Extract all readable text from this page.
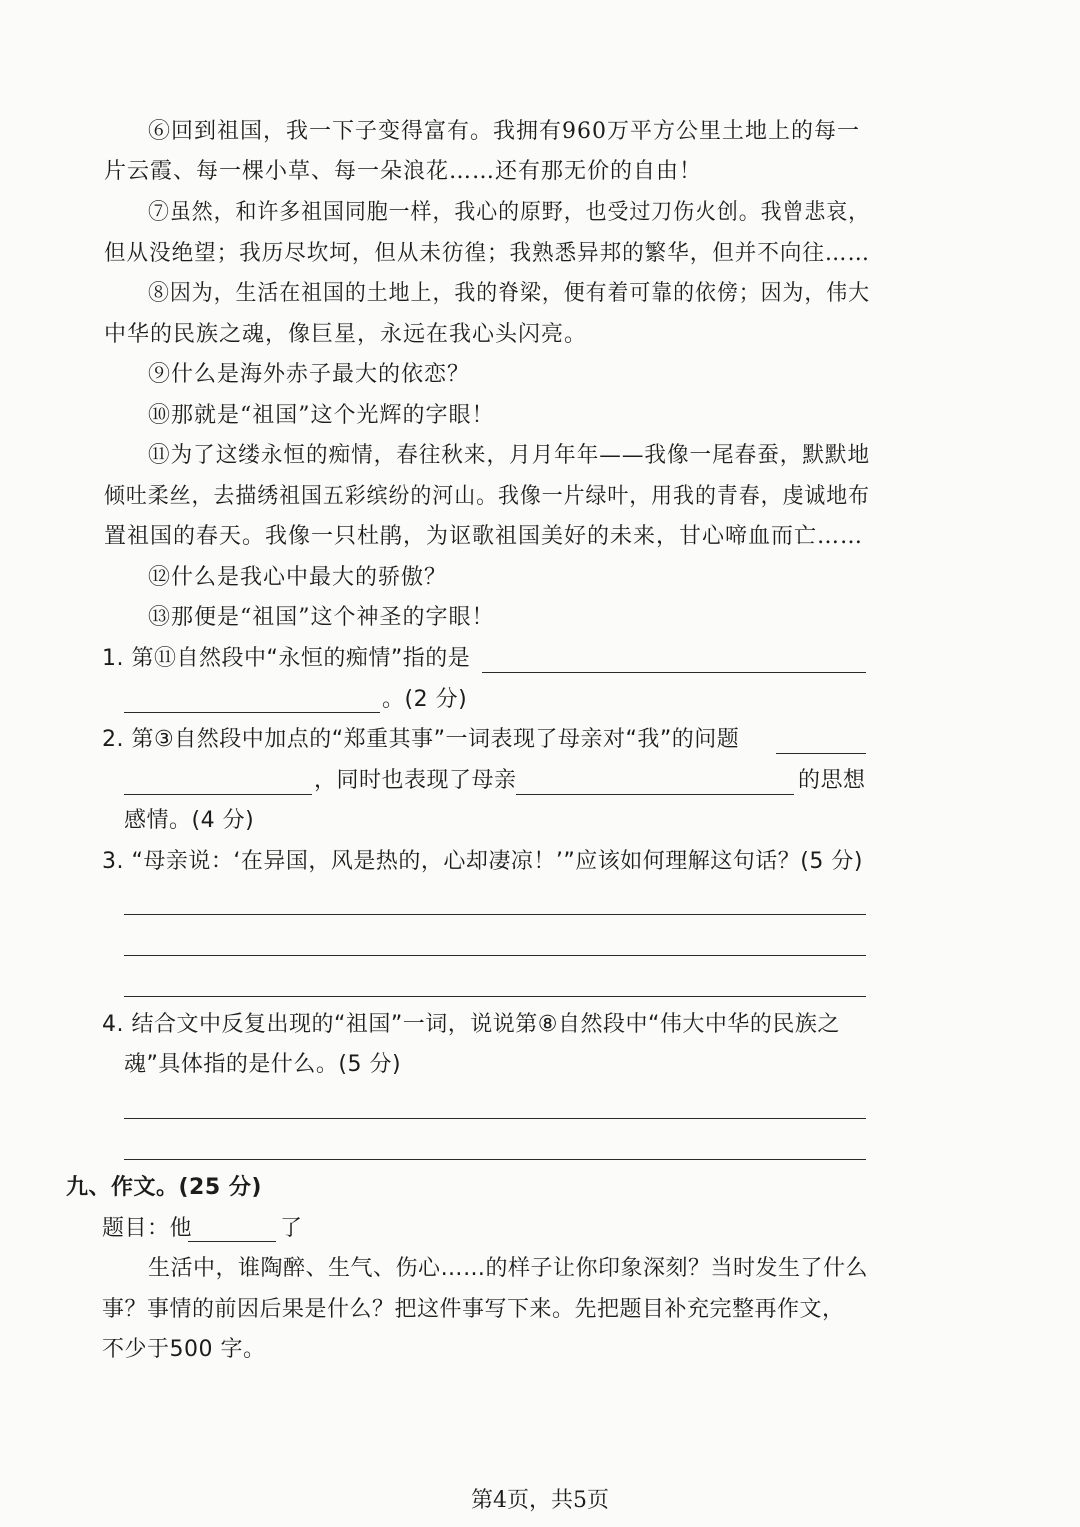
⑥回到祖国，我一下子变得富有。我拥有960万平方公里土地上的每一
片云霞、每一棵小草、每一朵浪花……还有那无价的自由！
⑦虽然，和许多祖国同胞一样，我心的原野，也受过刀伤火创。我曾悲哀，
但从没绝望；我历尽坎坷，但从未彷徨；我熟悉异邦的繁华，但并不向往……
⑧因为，生活在祖国的土地上，我的脊梁，便有着可靠的依傍；因为，伟大
中华的民族之魂，像巨星，永远在我心头闪亮。
⑨什么是海外赤子最大的依恋？
⑩那就是“祖国”这个光辉的字眼！
⑪为了这缕永恒的痴情，春往秋来，月月年年——我像一尾春蚕，默默地
倾吐柔丝，去描绣祖国五彩缤纷的河山。我像一片绿叶，用我的青春，虔诚地布
置祖国的春天。我像一只杜鹃，为讴歌祖国美好的未来，甘心啼血而亡……
⑫什么是我心中最大的骄傲？
⑬那便是“祖国”这个神圣的字眼！
1. 第⑪自然段中“永恒的痴情”指的是
。(2 分)
2. 第③自然段中加点的“郑重其事”一词表现了母亲对“我”的问题
，同时也表现了母亲	的思想
感情。(4 分)
3. “母亲说：‘在异国，风是热的，心却凄凉！’”应该如何理解这句话？(5 分)
4. 结合文中反复出现的“祖国”一词，说说第⑧自然段中“伟大中华的民族之
魂”具体指的是什么。(5 分)
九、作文。(25 分)
题目：他	了
生活中，谁陶醉、生气、伤心……的样子让你印象深刻？当时发生了什么
事？事情的前因后果是什么？把这件事写下来。先把题目补充完整再作文，
不少于500 字。
第4页，共5页
